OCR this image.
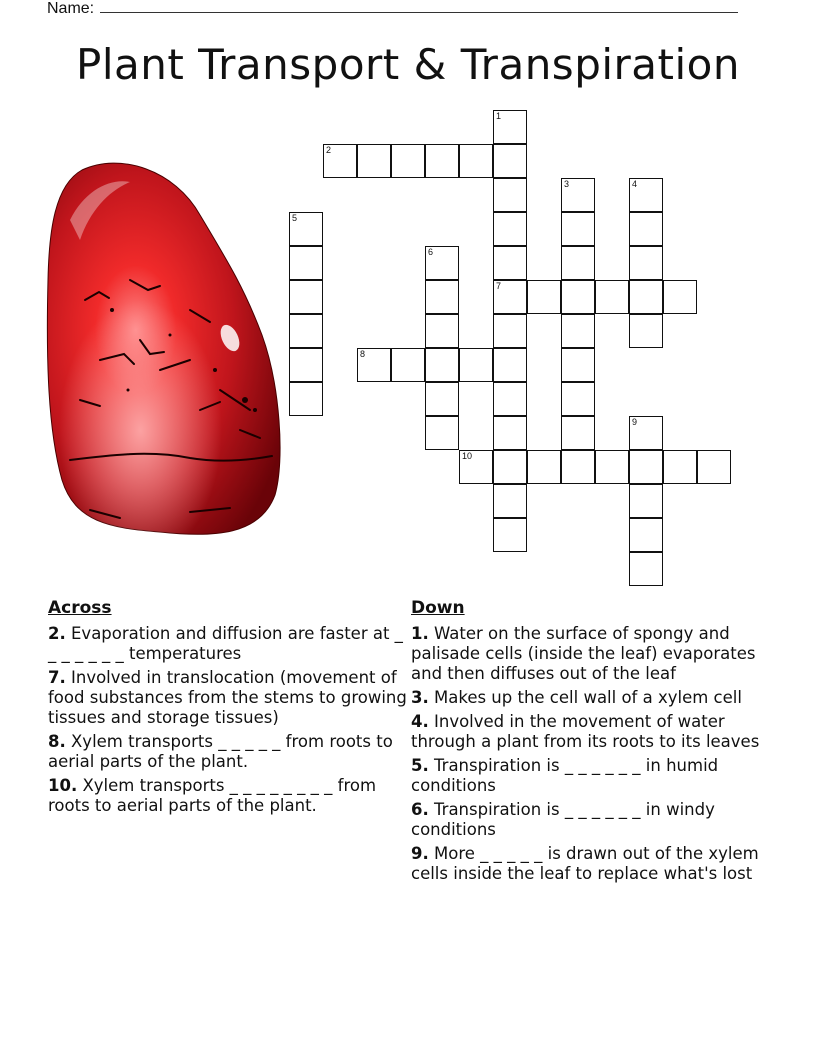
Name:
Plant Transport & Transpiration
1
7
2
3	4
5
6
8
9
10
Across
2. Evaporation and diffusion are faster at _ _ _ _ _ _ _ temperatures
7. Involved in translocation (movement of food substances from the stems to growing tissues and storage tissues)
8. Xylem transports _ _ _ _ _ from roots to aerial parts of the plant.
10. Xylem transports _ _ _ _ _ _ _ _ from roots to aerial parts of the plant.
Down
1. Water on the surface of spongy and palisade cells (inside the leaf) evaporates and then diffuses out of the leaf
3. Makes up the cell wall of a xylem cell
4. Involved in the movement of water through a plant from its roots to its leaves
5. Transpiration is _ _ _ _ _ _ in humid conditions
6. Transpiration is _ _ _ _ _ _ in windy conditions
9. More _ _ _ _ _ is drawn out of the xylem cells inside the leaf to replace what's lost
